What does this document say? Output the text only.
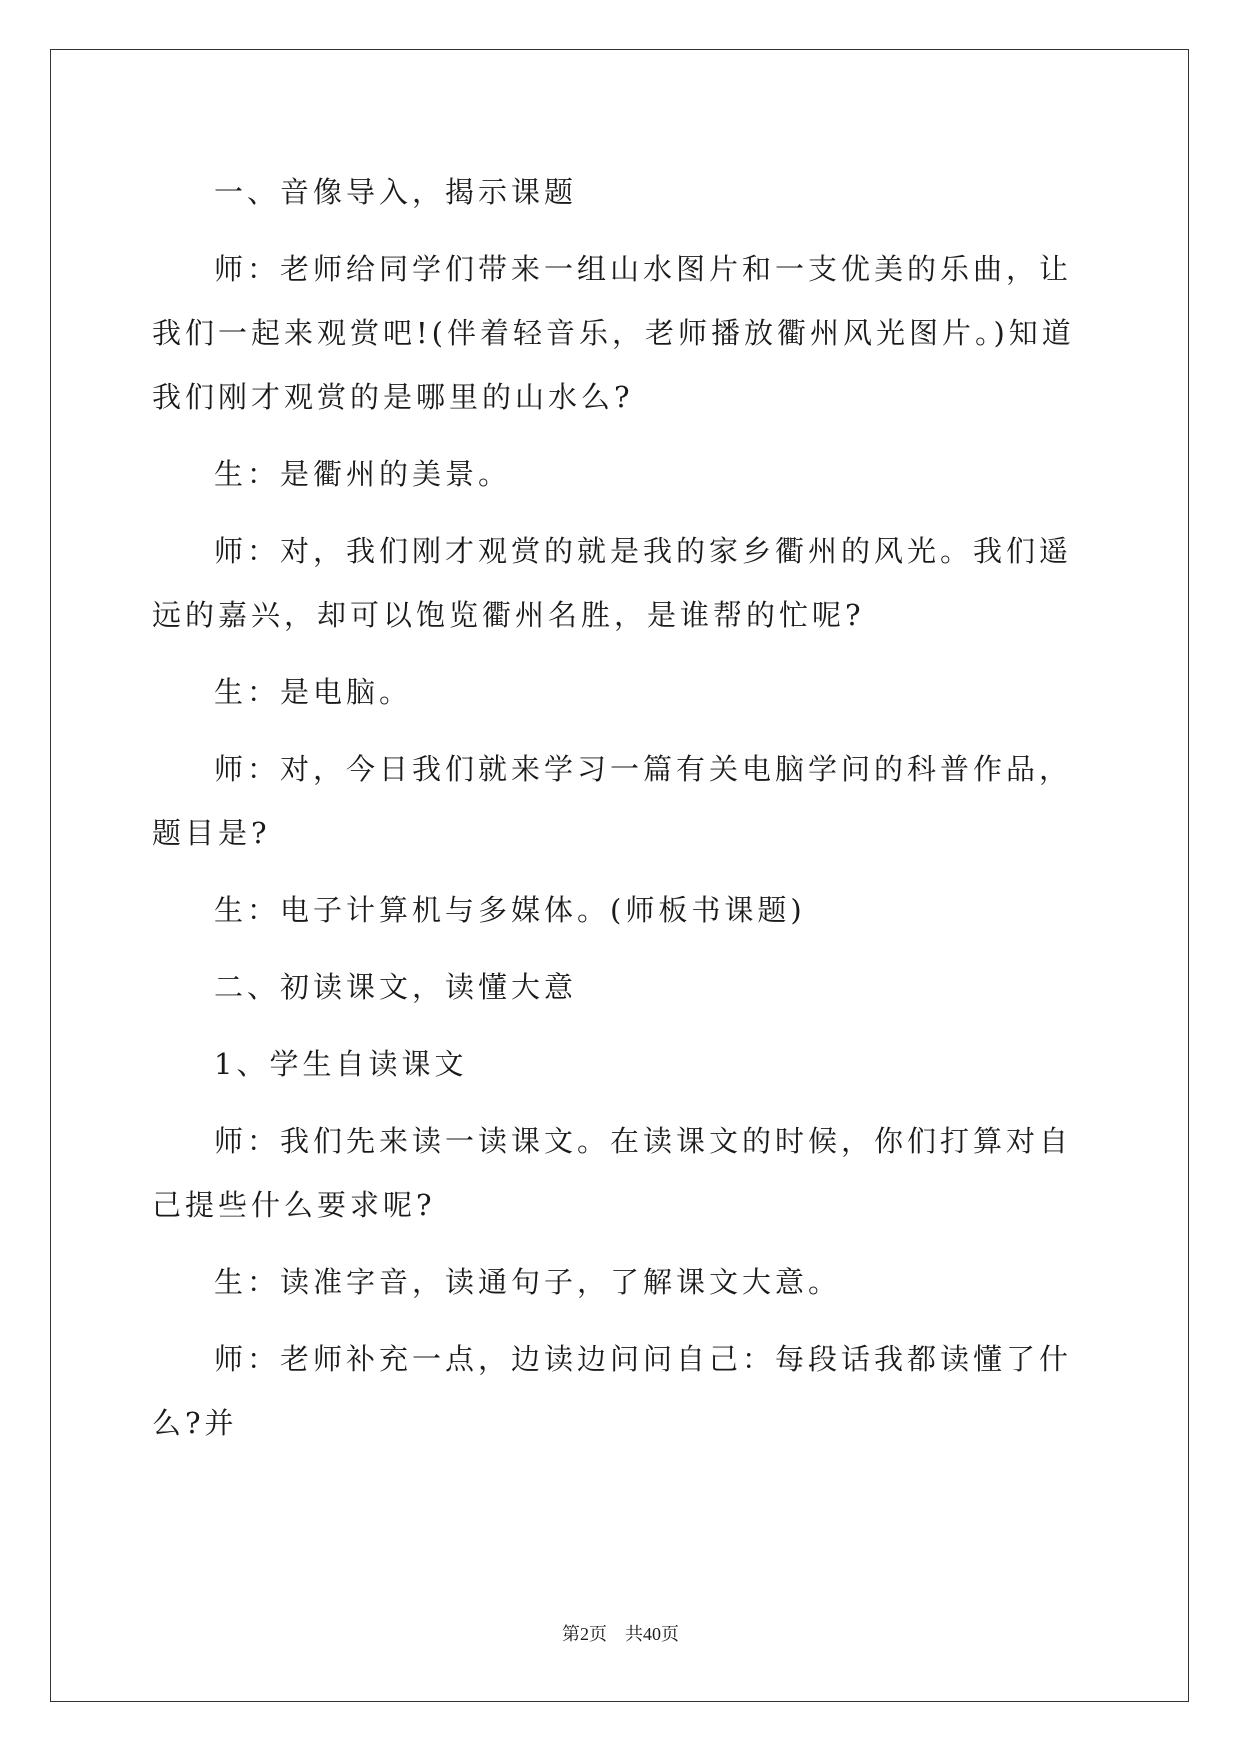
一、音像导入，揭示课题

师：老师给同学们带来一组山水图片和一支优美的乐曲，让我们一起来观赏吧!(伴着轻音乐，老师播放衢州风光图片。)知道我们刚才观赏的是哪里的山水么?

生：是衢州的美景。

师：对，我们刚才观赏的就是我的家乡衢州的风光。我们遥远的嘉兴，却可以饱览衢州名胜，是谁帮的忙呢?

生：是电脑。

师：对，今日我们就来学习一篇有关电脑学问的科普作品，题目是?

生：电子计算机与多媒体。(师板书课题)

二、初读课文，读懂大意

1、学生自读课文

师：我们先来读一读课文。在读课文的时候，你们打算对自己提些什么要求呢?

生：读准字音，读通句子，了解课文大意。

师：老师补充一点，边读边问问自己：每段话我都读懂了什么?并

第2页 共40页
